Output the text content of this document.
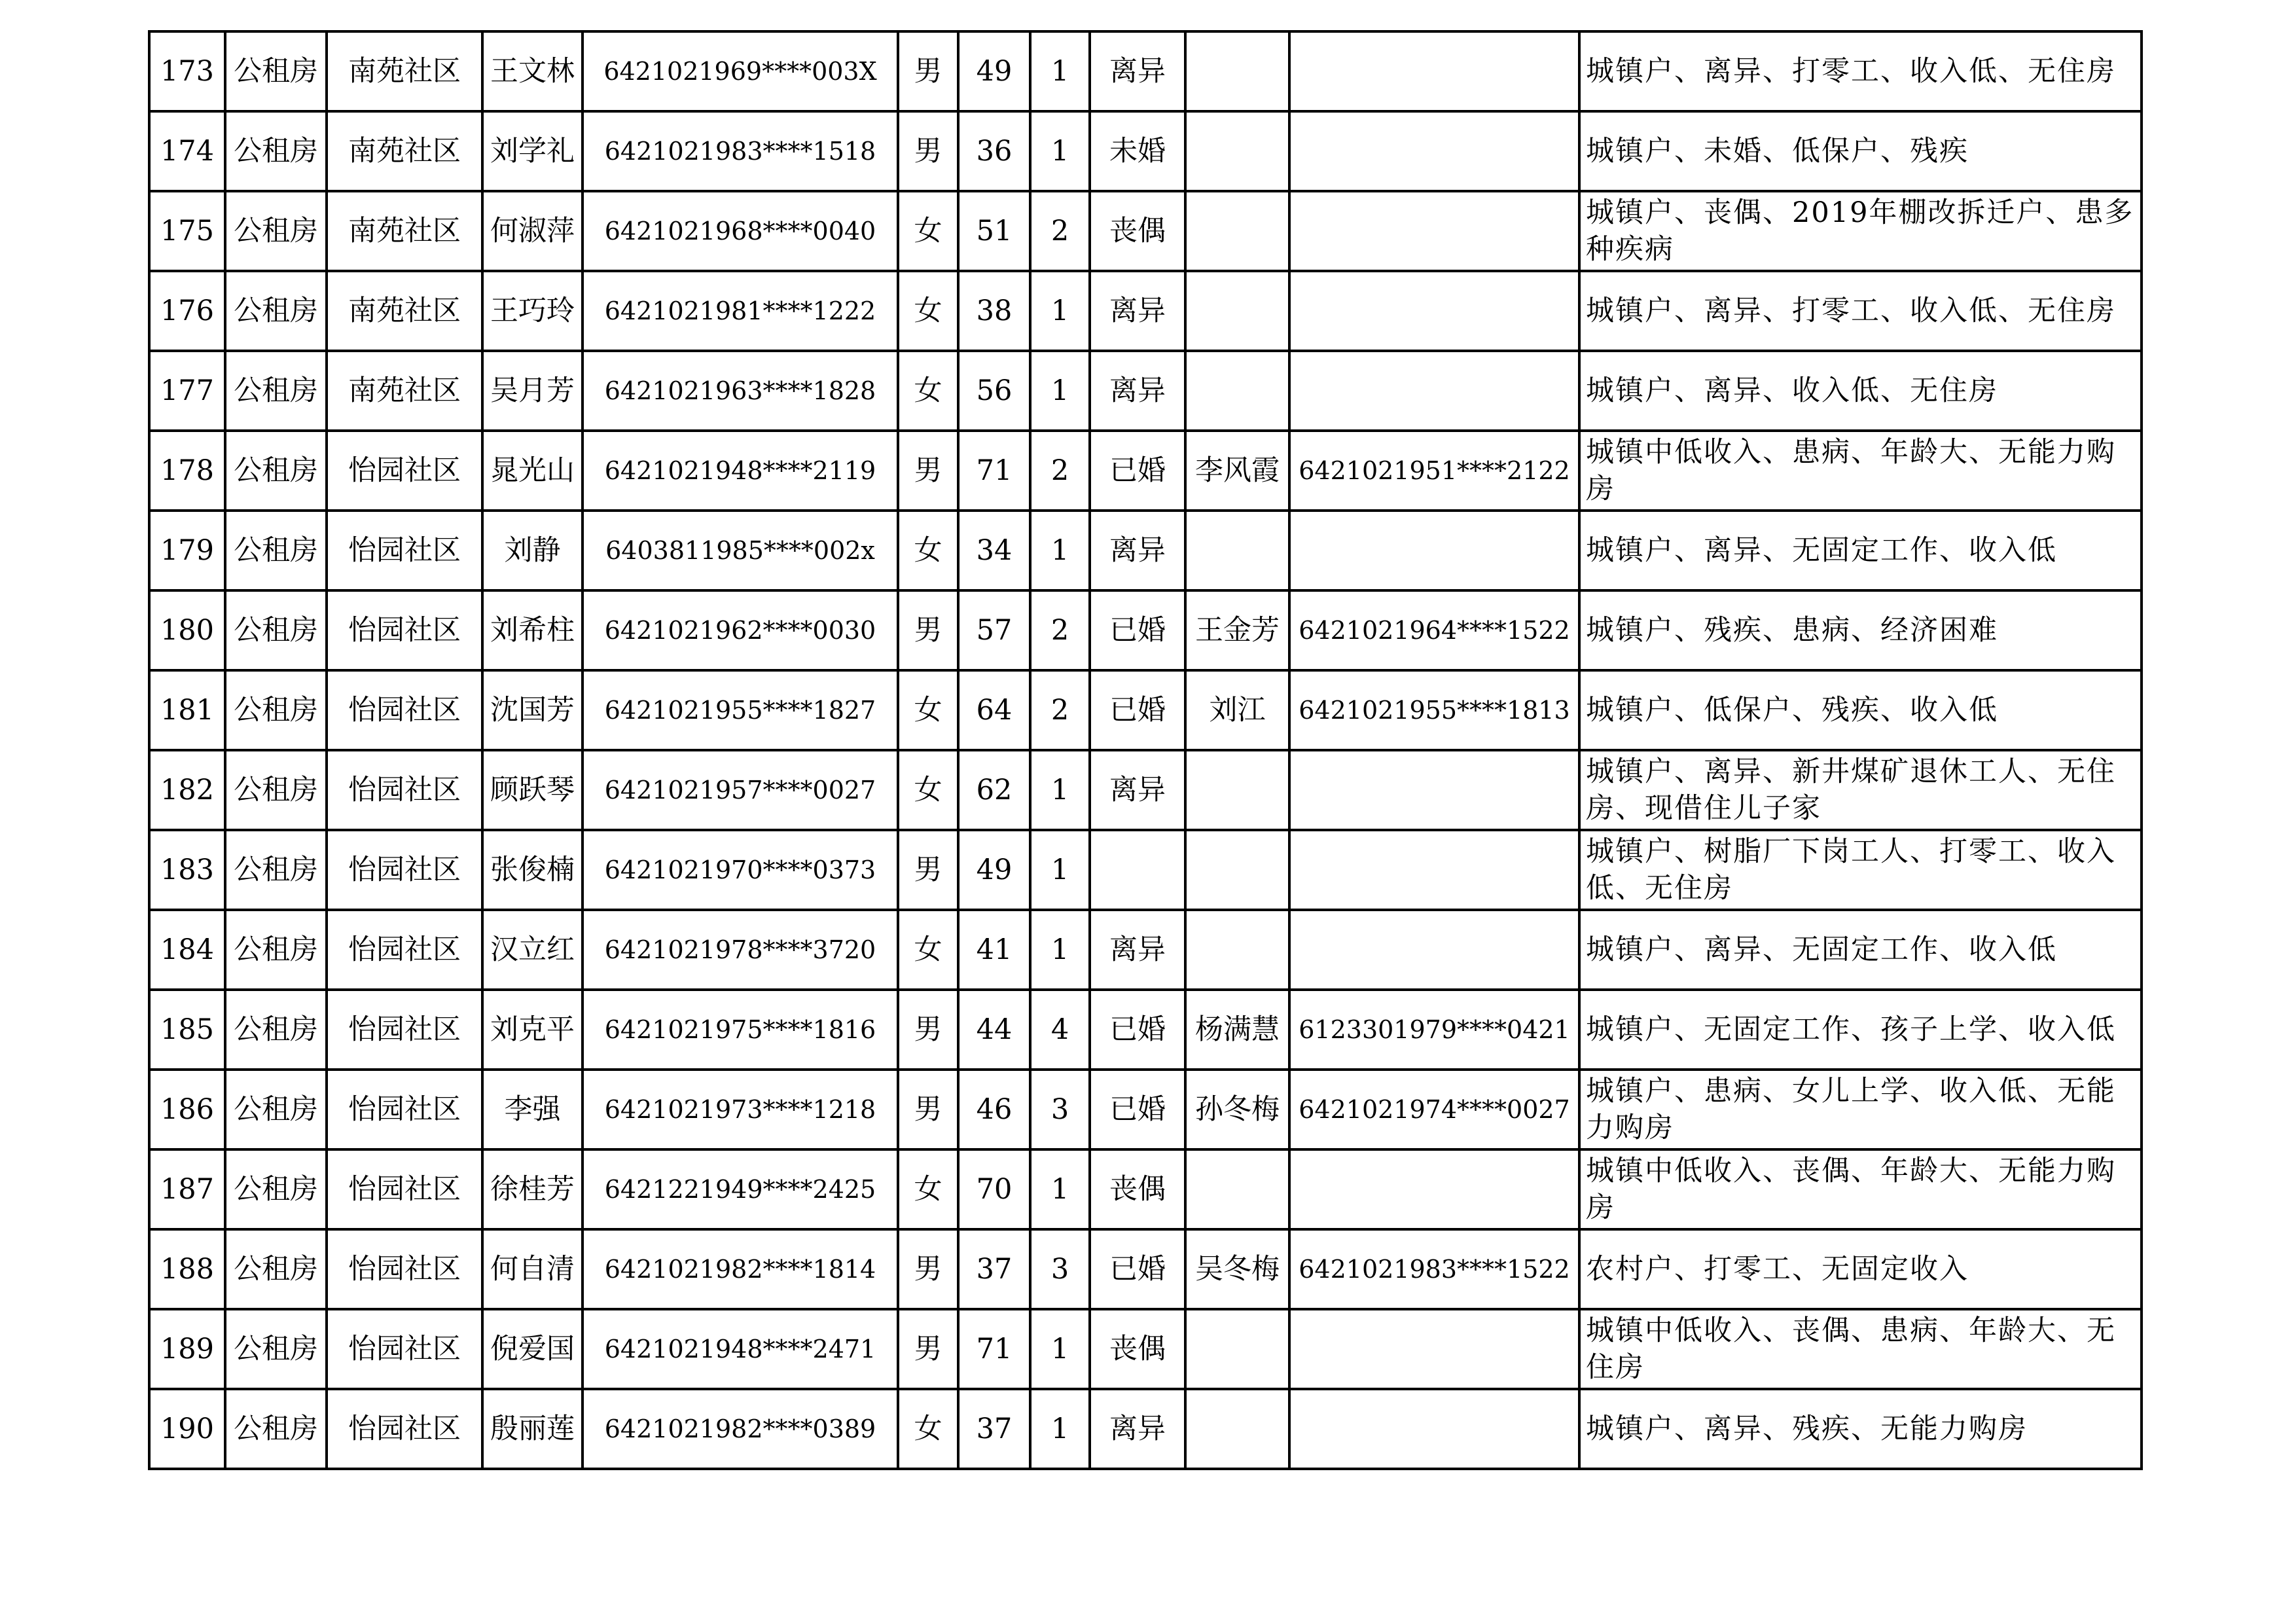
173	公租房	南苑社区	王文林	6421021969****003X	男	49	1	离异			城镇户、离异、打零工、收入低、无住房
174	公租房	南苑社区	刘学礼	6421021983****1518	男	36	1	未婚			城镇户、未婚、低保户、残疾
175	公租房	南苑社区	何淑萍	6421021968****0040	女	51	2	丧偶			城镇户、丧偶、2019年棚改拆迁户、患多种疾病
176	公租房	南苑社区	王巧玲	6421021981****1222	女	38	1	离异			城镇户、离异、打零工、收入低、无住房
177	公租房	南苑社区	吴月芳	6421021963****1828	女	56	1	离异			城镇户、离异、收入低、无住房
178	公租房	怡园社区	晁光山	6421021948****2119	男	71	2	已婚	李风霞	6421021951****2122	城镇中低收入、患病、年龄大、无能力购房
179	公租房	怡园社区	刘静	6403811985****002x	女	34	1	离异			城镇户、离异、无固定工作、收入低
180	公租房	怡园社区	刘希柱	6421021962****0030	男	57	2	已婚	王金芳	6421021964****1522	城镇户、残疾、患病、经济困难
181	公租房	怡园社区	沈国芳	6421021955****1827	女	64	2	已婚	刘江	6421021955****1813	城镇户、低保户、残疾、收入低
182	公租房	怡园社区	顾跃琴	6421021957****0027	女	62	1	离异			城镇户、离异、新井煤矿退休工人、无住房、现借住儿子家
183	公租房	怡园社区	张俊楠	6421021970****0373	男	49	1				城镇户、树脂厂下岗工人、打零工、收入低、无住房
184	公租房	怡园社区	汉立红	6421021978****3720	女	41	1	离异			城镇户、离异、无固定工作、收入低
185	公租房	怡园社区	刘克平	6421021975****1816	男	44	4	已婚	杨满慧	6123301979****0421	城镇户、无固定工作、孩子上学、收入低
186	公租房	怡园社区	李强	6421021973****1218	男	46	3	已婚	孙冬梅	6421021974****0027	城镇户、患病、女儿上学、收入低、无能力购房
187	公租房	怡园社区	徐桂芳	6421221949****2425	女	70	1	丧偶			城镇中低收入、丧偶、年龄大、无能力购房
188	公租房	怡园社区	何自清	6421021982****1814	男	37	3	已婚	吴冬梅	6421021983****1522	农村户、打零工、无固定收入
189	公租房	怡园社区	倪爱国	6421021948****2471	男	71	1	丧偶			城镇中低收入、丧偶、患病、年龄大、无住房
190	公租房	怡园社区	殷丽莲	6421021982****0389	女	37	1	离异			城镇户、离异、残疾、无能力购房
